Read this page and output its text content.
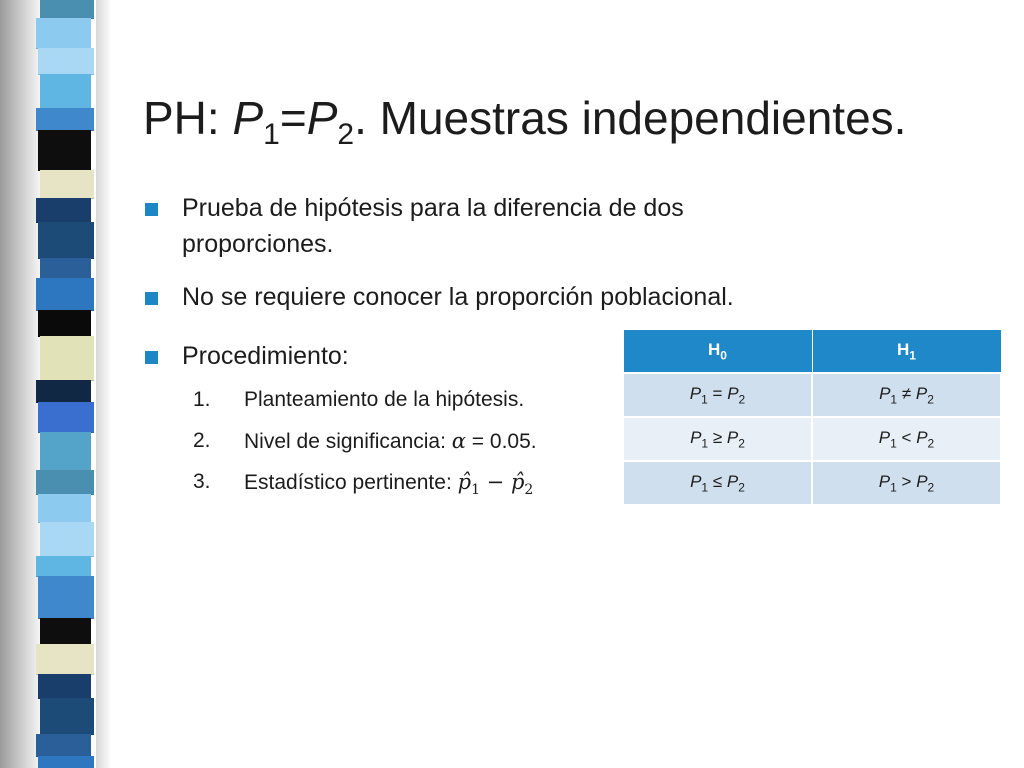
PH: $P_1=P_2$. Muestras independientes.
Prueba de hipótesis para la diferencia de dos
proporciones.
No se requiere conocer la proporción poblacional.
Procedimiento:
1. Planteamiento de la hipótesis.
2. Nivel de significancia: α = 0.05.
3. Estadístico pertinente: $p̂_1$ − $p̂_2$
$H_0$	$H_1$
$P_1 = P_2$	$P_1 \ne P_2$
$P_1 \ge P_2$	$P_1 < P_2$
$P_1 \le P_2$	$P_1 > P_2$
